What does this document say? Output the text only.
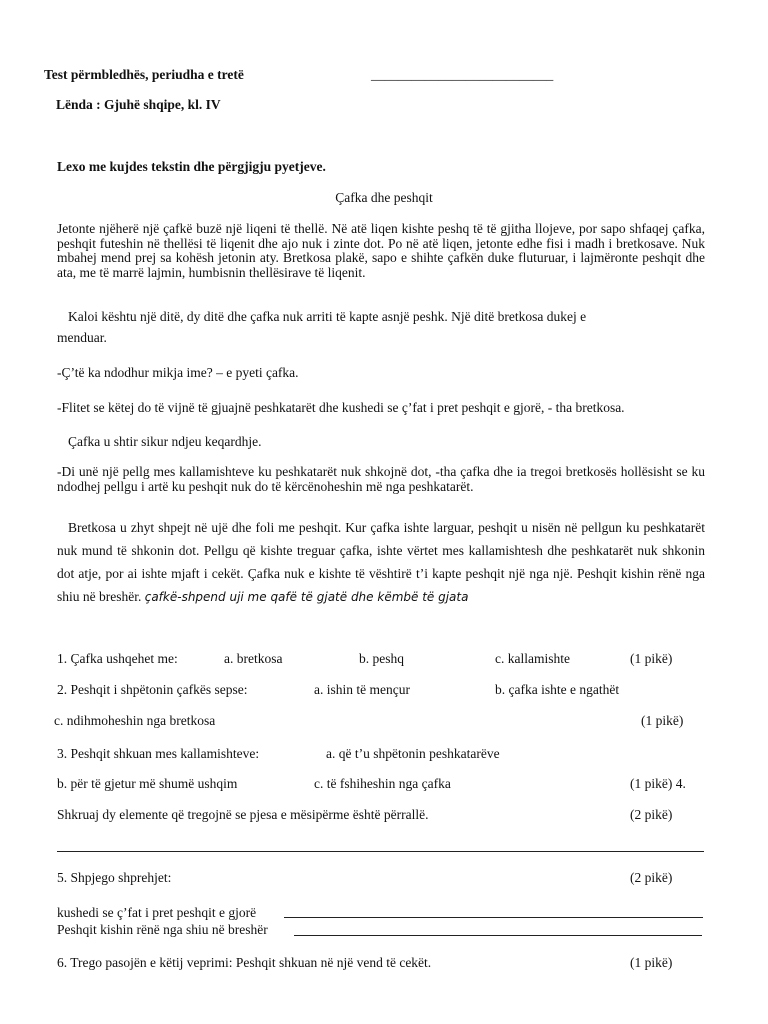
Test përmbledhës, periudha e tretë	___________________________
Lënda : Gjuhë shqipe, kl. IV
Lexo me kujdes tekstin dhe përgjigju pyetjeve.
Çafka dhe peshqit
Jetonte njëherë një çafkë buzë një liqeni të thellë. Në atë liqen kishte peshq të të gjitha llojeve, por sapo shfaqej çafka, peshqit futeshin në thellësi të liqenit dhe ajo nuk i zinte dot. Po në atë liqen, jetonte edhe fisi i madh i bretkosave. Nuk mbahej mend prej sa kohësh jetonin aty. Bretkosa plakë, sapo e shihte çafkën duke fluturuar, i lajmëronte peshqit dhe ata, me të marrë lajmin, humbisnin thellësirave të liqenit.
Kaloi kështu një ditë, dy ditë dhe çafka nuk arriti të kapte asnjë peshk. Një ditë bretkosa dukej e
menduar.
-Ç’të ka ndodhur mikja ime? – e pyeti çafka.
-Flitet se këtej do të vijnë të gjuajnë peshkatarët dhe kushedi se ç’fat i pret peshqit e gjorë, - tha bretkosa.
Çafka u shtir sikur ndjeu keqardhje.
-Di unë një pellg mes kallamishteve ku peshkatarët nuk shkojnë dot, -tha çafka dhe ia tregoi bretkosës hollësisht se ku ndodhej pellgu i artë ku peshqit nuk do të kërcënoheshin më nga peshkatarët.
Bretkosa u zhyt shpejt në ujë dhe foli me peshqit. Kur çafka ishte larguar, peshqit u nisën në pellgun ku peshkatarët nuk mund të shkonin dot. Pellgu që kishte treguar çafka, ishte vërtet mes kallamishtesh dhe peshkatarët nuk shkonin dot atje, por ai ishte mjaft i cekët. Çafka nuk e kishte të vështirë t’i kapte peshqit një nga një. Peshqit kishin rënë nga shiu në breshër. çafkë-shpend uji me qafë të gjatë dhe këmbë të gjata
1. Çafka ushqehet me:	a. bretkosa	b. peshq	c. kallamishte	(1 pikë)
2. Peshqit i shpëtonin çafkës sepse:	a. ishin të mençur	b. çafka ishte e ngathët
c. ndihmoheshin nga bretkosa	(1 pikë)
3. Peshqit shkuan mes kallamishteve:	a. që t’u shpëtonin peshkatarëve
b. për të gjetur më shumë ushqim	c. të fshiheshin nga çafka	(1 pikë) 4.
Shkruaj dy elemente që tregojnë se pjesa e mësipërme është përrallë.	(2 pikë)
5. Shpjego shprehjet:	(2 pikë)
kushedi se ç’fat i pret peshqit e gjorë
Peshqit kishin rënë nga shiu në breshër
6. Trego pasojën e këtij veprimi: Peshqit shkuan në një vend të cekët.	(1 pikë)
